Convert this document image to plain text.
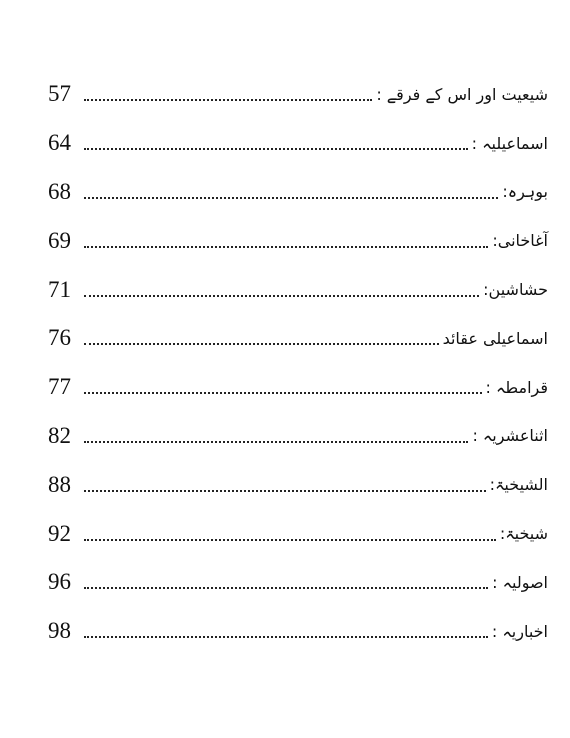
57	شیعیت اور اس کے فرقے :
64	اسماعیلیہ :
68	بوہرہ:
69	آغاخانی:
71	حشاشین:
76	اسماعیلی عقائد
77	قرامطہ :
82	اثناعشریہ :
88	الشیخیۃ:
92	شیخیۃ:
96	اصولیہ :
98	اخباریہ :
